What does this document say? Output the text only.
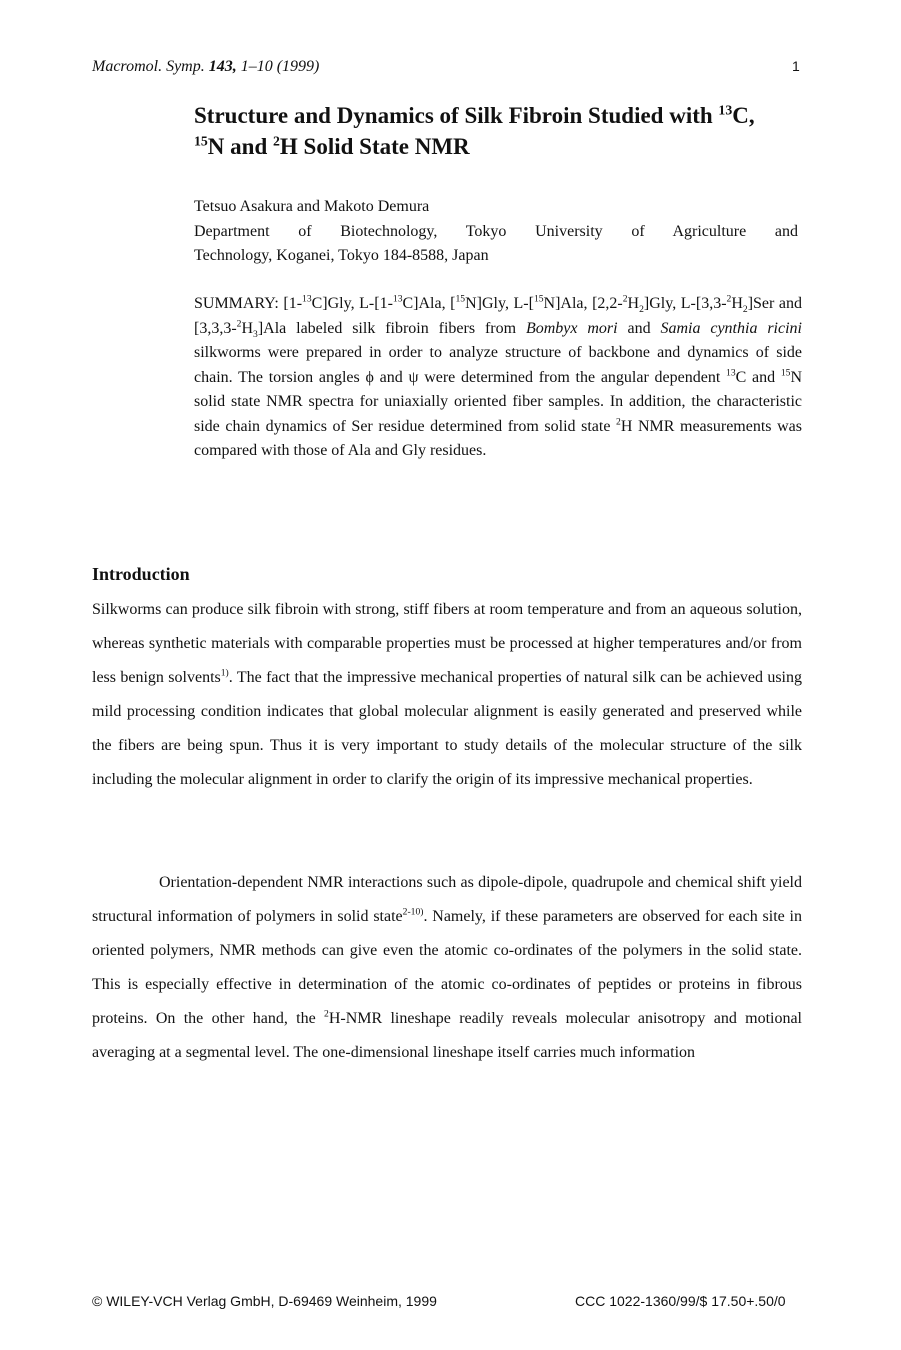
Macromol. Symp. 143, 1–10 (1999)	1
Structure and Dynamics of Silk Fibroin Studied with $^{13}$C,
$^{15}$N and $^2$H Solid State NMR
Tetsuo Asakura and Makoto Demura
Department of Biotechnology, Tokyo University of Agriculture and
Technology, Koganei, Tokyo 184-8588, Japan
SUMMARY: [1-$^{13}$C]Gly, L-[1-$^{13}$C]Ala, [$^{15}$N]Gly, L-[$^{15}$N]Ala, $[2,2-^2H_2]Gly$, $L-[3,3-^2H_2]Ser$ and $[3,3,3-^2H_3]Ala$ labeled silk fibroin fibers from Bombyx mori and Samia cynthia ricini silkworms were prepared in order to analyze structure of backbone and dynamics of side chain. The torsion angles ϕ and ψ were determined from the angular dependent $^{13}$C and $^{15}$N solid state NMR spectra for uniaxially oriented fiber samples. In addition, the characteristic side chain dynamics of Ser residue determined from solid state $^2$H NMR measurements was compared with those of Ala and Gly residues.
Introduction
Silkworms can produce silk fibroin with strong, stiff fibers at room temperature and from an aqueous solution, whereas synthetic materials with comparable properties must be processed at higher temperatures and/or from less benign solvents$^{1)}$. The fact that the impressive mechanical properties of natural silk can be achieved using mild processing condition indicates that global molecular alignment is easily generated and preserved while the fibers are being spun. Thus it is very important to study details of the molecular structure of the silk including the molecular alignment in order to clarify the origin of its impressive mechanical properties.
Orientation-dependent NMR interactions such as dipole-dipole, quadrupole and chemical shift yield structural information of polymers in solid state$^{2-10)}$. Namely, if these parameters are observed for each site in oriented polymers, NMR methods can give even the atomic co-ordinates of the polymers in the solid state. This is especially effective in determination of the atomic co-ordinates of peptides or proteins in fibrous proteins. On the other hand, the $^2$H-NMR lineshape readily reveals molecular anisotropy and motional averaging at a segmental level. The one-dimensional lineshape itself carries much information
© WILEY-VCH Verlag GmbH, D-69469 Weinheim, 1999	CCC 1022-1360/99/$ 17.50+.50/0
